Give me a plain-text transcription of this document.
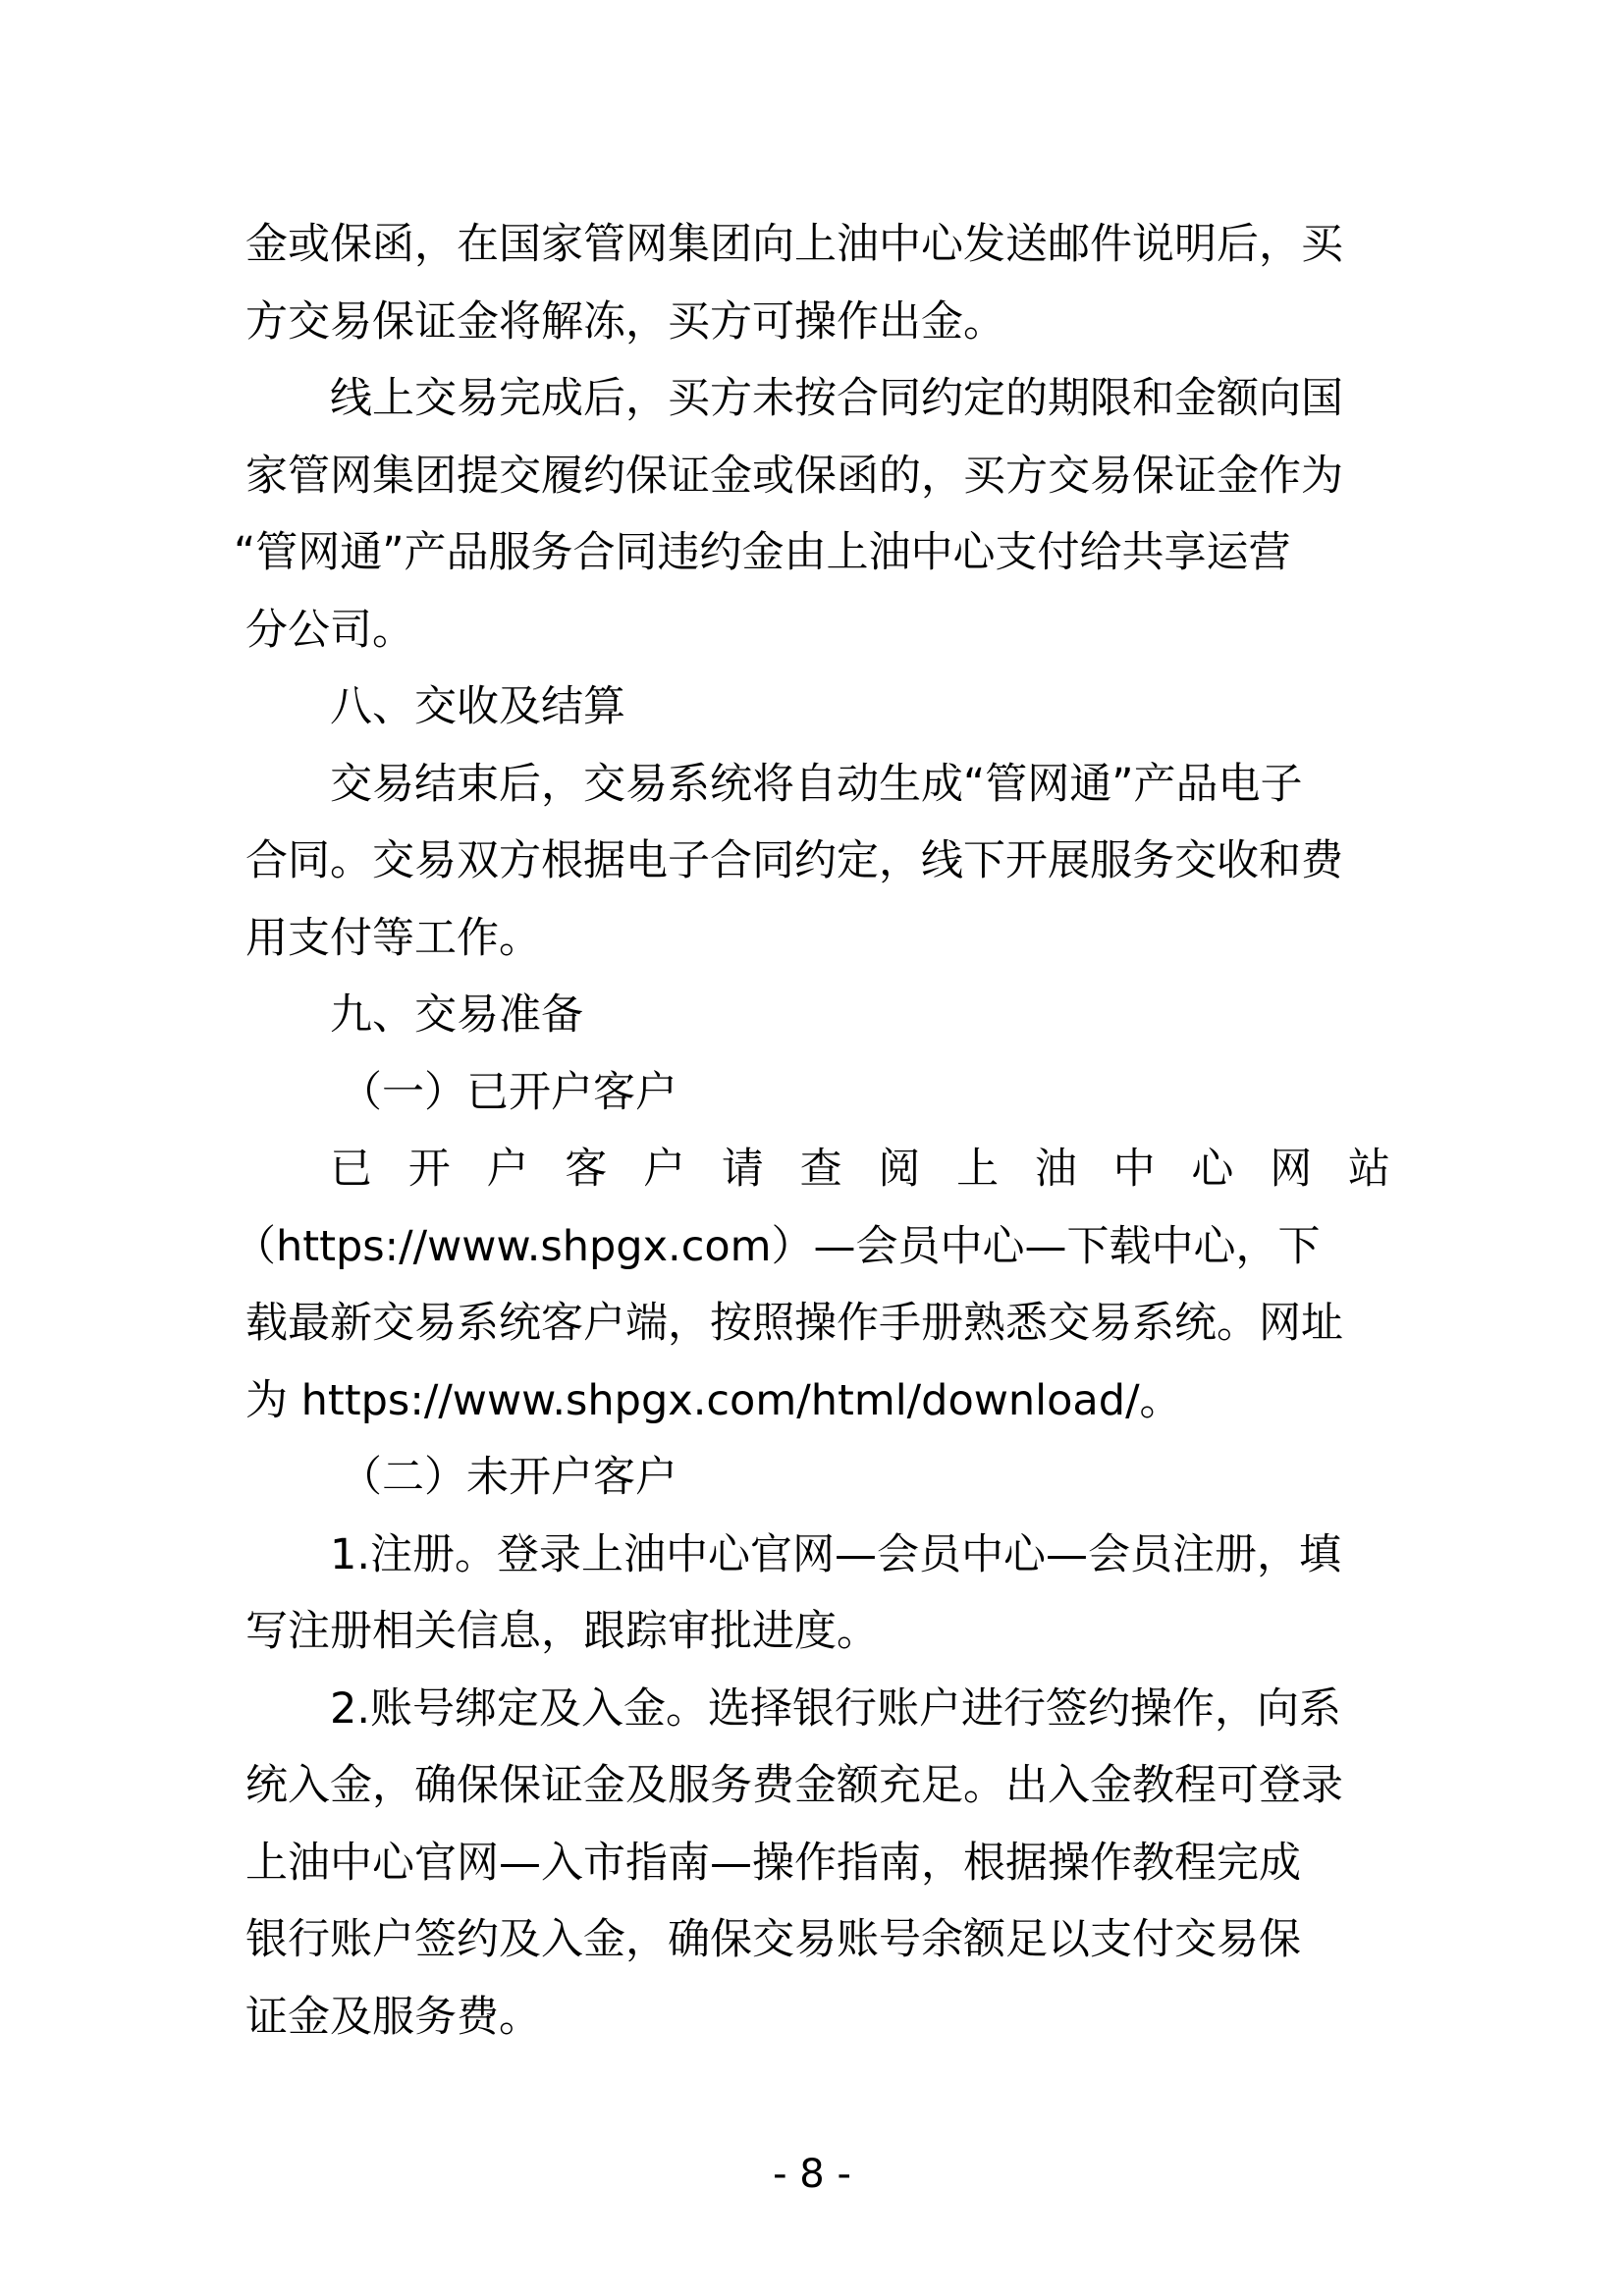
金或保函，在国家管网集团向上油中心发送邮件说明后，买
方交易保证金将解冻，买方可操作出金。
线上交易完成后，买方未按合同约定的期限和金额向国
家管网集团提交履约保证金或保函的，买方交易保证金作为
“管网通”产品服务合同违约金由上油中心支付给共享运营
分公司。
八、交收及结算
交易结束后，交易系统将自动生成“管网通”产品电子
合同。交易双方根据电子合同约定，线下开展服务交收和费
用支付等工作。
九、交易准备
（一）已开户客户
已 开 户 客 户 请 查 阅 上 油 中 心 网 站
（https://www.shpgx.com）—会员中心—下载中心，下
载最新交易系统客户端，按照操作手册熟悉交易系统。网址
为 https://www.shpgx.com/html/download/。
（二）未开户客户
1.注册。登录上油中心官网—会员中心—会员注册，填
写注册相关信息，跟踪审批进度。
2.账号绑定及入金。选择银行账户进行签约操作，向系
统入金，确保保证金及服务费金额充足。出入金教程可登录
上油中心官网—入市指南—操作指南，根据操作教程完成
银行账户签约及入金，确保交易账号余额足以支付交易保
证金及服务费。
- 8 -
